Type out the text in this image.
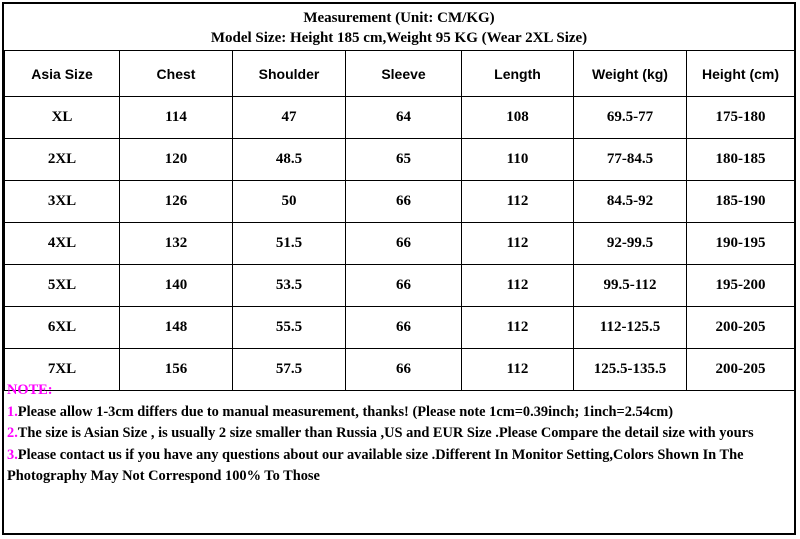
Measurement (Unit: CM/KG)
Model Size: Height 185 cm,Weight 95 KG (Wear 2XL Size)
Asia Size	Chest	Shoulder	Sleeve	Length	Weight (kg)	Height (cm)
XL	114	47	64	108	69.5-77	175-180
2XL	120	48.5	65	110	77-84.5	180-185
3XL	126	50	66	112	84.5-92	185-190
4XL	132	51.5	66	112	92-99.5	190-195
5XL	140	53.5	66	112	99.5-112	195-200
6XL	148	55.5	66	112	112-125.5	200-205
7XL	156	57.5	66	112	125.5-135.5	200-205

NOTE:

1.Please allow 1-3cm differs due to manual measurement, thanks! (Please note 1cm=0.39inch; 1inch=2.54cm)

2.The size is Asian Size , is usually 2 size smaller than Russia ,US and EUR Size .Please Compare the detail size with yours

3.Please contact us if you have any questions about our available size .Different In Monitor Setting,Colors Shown In The Photography May Not Correspond 100% To Those
